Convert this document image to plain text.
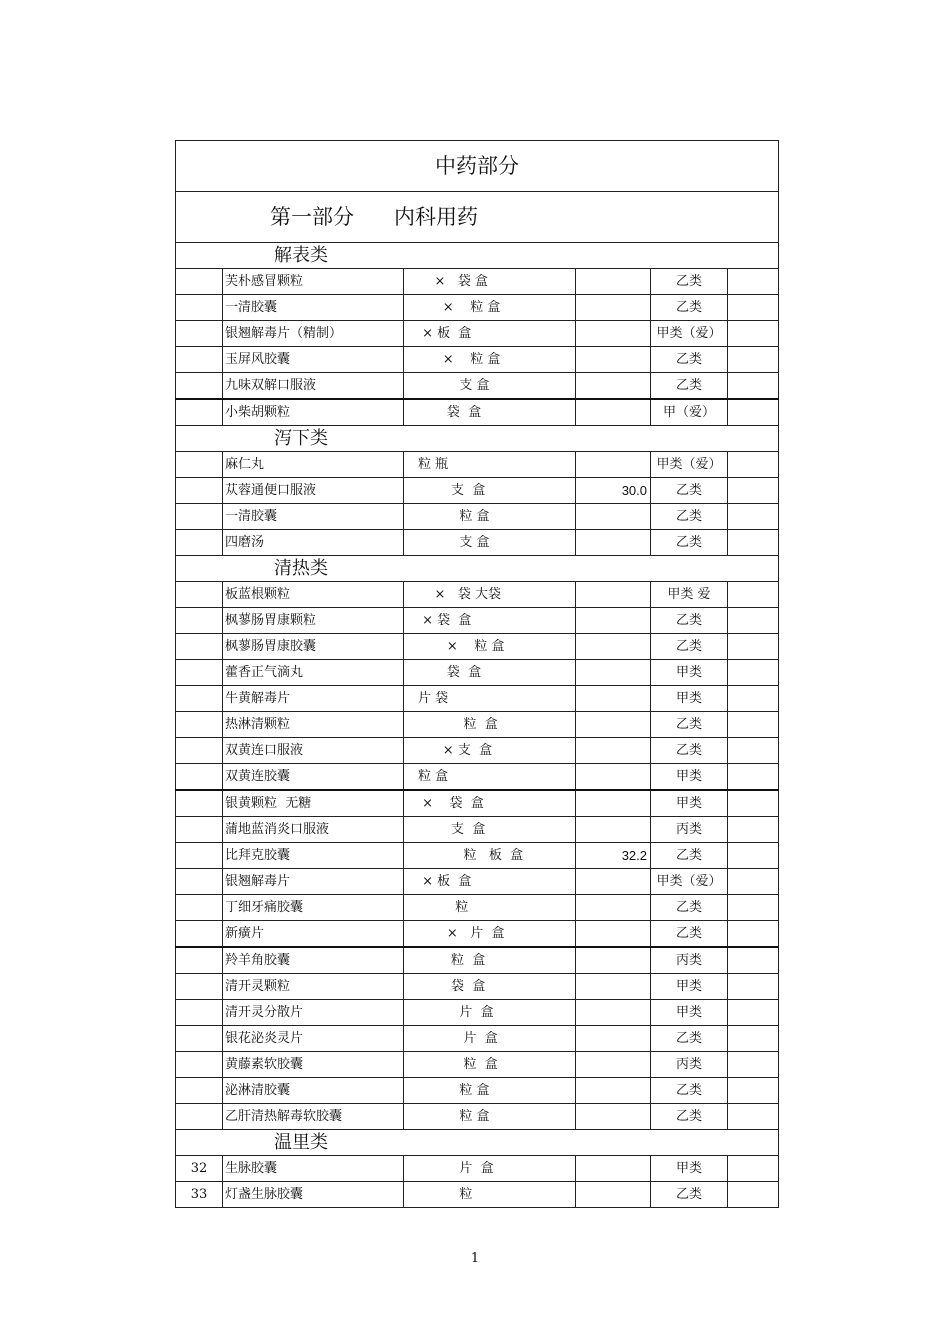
中药部分					
第一部分      内科用药					
解表类					
	芙朴感冒颗粒	×   袋 盒		乙类	
	一清胶囊	×    粒 盒		乙类	
	银翘解毒片（精制）	× 板  盒		甲类（爱）	
	玉屏风胶囊	×    粒 盒		乙类	
	九味双解口服液	支 盒		乙类	
	小柴胡颗粒	袋  盒		甲（爱）	
泻下类					
	麻仁丸	粒 瓶		甲类（爱）	
	苁蓉通便口服液	支  盒	30.0	乙类	
	一清胶囊	粒 盒		乙类	
	四磨汤	支 盒		乙类	
清热类					
	板蓝根颗粒	×   袋 大袋		甲类 爱	
	枫蓼肠胃康颗粒	× 袋  盒		乙类	
	枫蓼肠胃康胶囊	×    粒 盒		乙类	
	藿香正气滴丸	袋  盒		甲类	
	牛黄解毒片	片 袋		甲类	
	热淋清颗粒	粒  盒		乙类	
	双黄连口服液	× 支  盒		乙类	
	双黄连胶囊	粒 盒		甲类	
	银黄颗粒  无糖	×    袋  盒		甲类	
	蒲地蓝消炎口服液	支  盒		丙类	
	比拜克胶囊	粒   板  盒	32.2	乙类	
	银翘解毒片	× 板  盒		甲类（爱）	
	丁细牙痛胶囊	粒		乙类	
	新癀片	×   片  盒		乙类	
	羚羊角胶囊	粒  盒		丙类	
	清开灵颗粒	袋  盒		甲类	
	清开灵分散片	片  盒		甲类	
	银花泌炎灵片	片  盒		乙类	
	黄藤素软胶囊	粒  盒		丙类	
	泌淋清胶囊	粒 盒		乙类	
	乙肝清热解毒软胶囊	粒 盒		乙类	
温里类					
32	生脉胶囊	片  盒		甲类	
33	灯盏生脉胶囊	粒		乙类	
1
